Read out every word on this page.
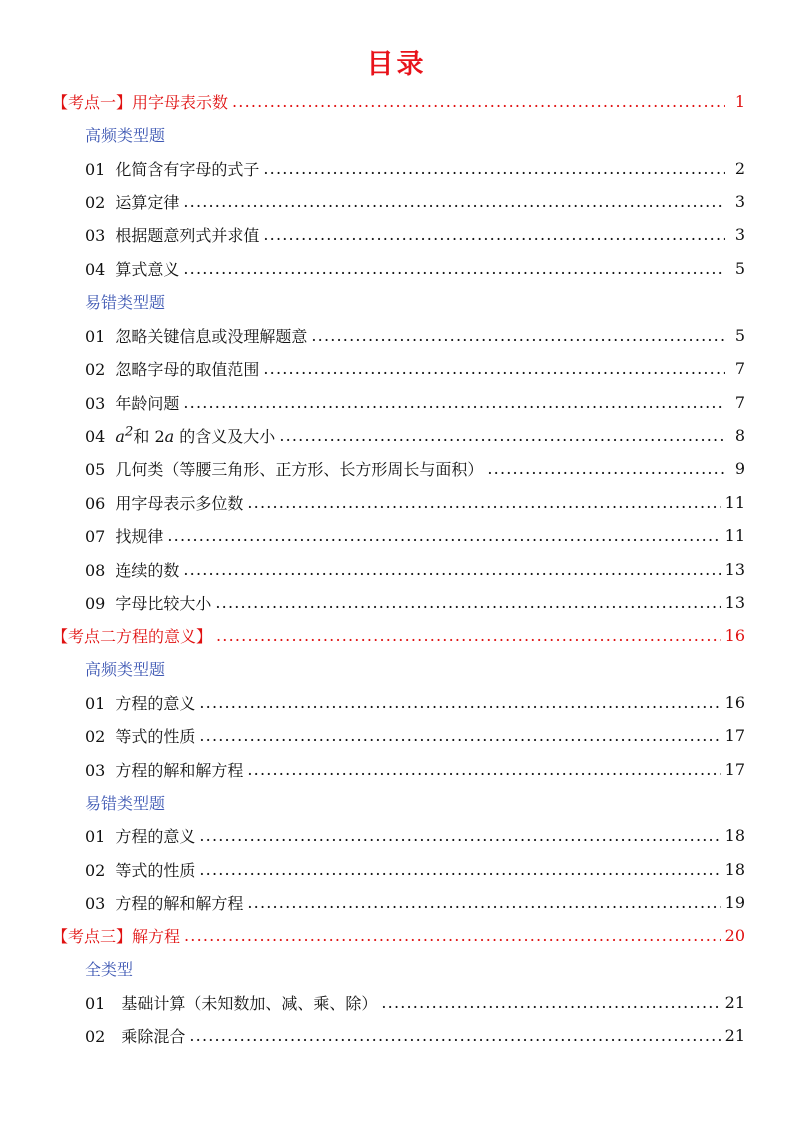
目录
【考点一】用字母表示数 .....	1
高频类型题
01 化简含有字母的式子 .....	2
02 运算定律 .....	3
03 根据题意列式并求值 .....	3
04 算式意义 .....	5
易错类型题
01 忽略关键信息或没理解题意 .....	5
02 忽略字母的取值范围 .....	7
03 年龄问题 .....	7
04 $a^2$和 2a 的含义及大小 .....	8
05 几何类（等腰三角形、正方形、长方形周长与面积） .....	9
06 用字母表示多位数 .....	11
07 找规律 .....	11
08 连续的数 .....	13
09 字母比较大小 .....	13
【考点二方程的意义】 .....	16
高频类型题
01 方程的意义 .....	16
02 等式的性质 .....	17
03 方程的解和解方程 .....	17
易错类型题
01 方程的意义 .....	18
02 等式的性质 .....	18
03 方程的解和解方程 .....	19
【考点三】解方程 .....	20
全类型
01 基础计算（未知数加、减、乘、除） .....	21
02 乘除混合 .....	21
